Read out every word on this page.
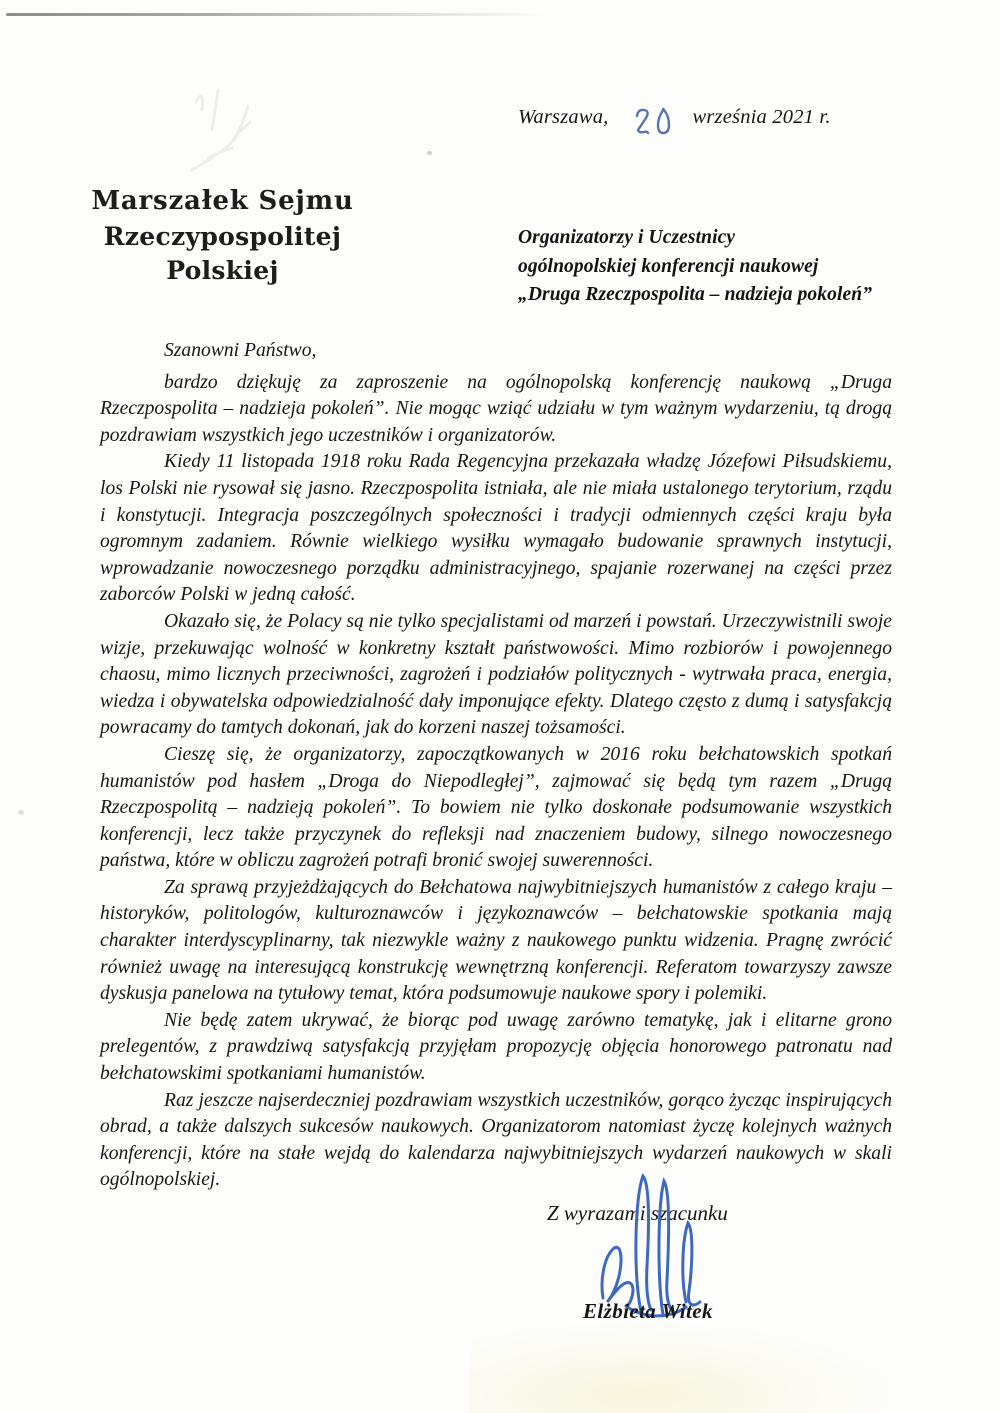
Warszawa,	września 2021 r.
Marszałek Sejmu
Rzeczypospolitej Polskiej
Organizatorzy i Uczestnicy
ogólnopolskiej konferencji naukowej
„Druga Rzeczpospolita – nadzieja pokoleń”

Szanowni Państwo,

bardzo dziękuję za zaproszenie na ogólnopolską konferencję naukową „Druga Rzeczpospolita – nadzieja pokoleń”. Nie mogąc wziąć udziału w tym ważnym wydarzeniu, tą drogą pozdrawiam wszystkich jego uczestników i organizatorów.

Kiedy 11 listopada 1918 roku Rada Regencyjna przekazała władzę Józefowi Piłsudskiemu, los Polski nie rysował się jasno. Rzeczpospolita istniała, ale nie miała ustalonego terytorium, rządu i konstytucji. Integracja poszczególnych społeczności i tradycji odmiennych części kraju była ogromnym zadaniem. Równie wielkiego wysiłku wymagało budowanie sprawnych instytucji, wprowadzanie nowoczesnego porządku administracyjnego, spajanie rozerwanej na części przez zaborców Polski w jedną całość.

Okazało się, że Polacy są nie tylko specjalistami od marzeń i powstań. Urzeczywistnili swoje wizje, przekuwając wolność w konkretny kształt państwowości. Mimo rozbiorów i powojennego chaosu, mimo licznych przeciwności, zagrożeń i podziałów politycznych - wytrwała praca, energia, wiedza i obywatelska odpowiedzialność dały imponujące efekty. Dlatego często z dumą i satysfakcją powracamy do tamtych dokonań, jak do korzeni naszej tożsamości.

Cieszę się, że organizatorzy, zapoczątkowanych w 2016 roku bełchatowskich spotkań humanistów pod hasłem „Droga do Niepodległej”, zajmować się będą tym razem „Drugą Rzeczpospolitą – nadzieją pokoleń”. To bowiem nie tylko doskonałe podsumowanie wszystkich konferencji, lecz także przyczynek do refleksji nad znaczeniem budowy, silnego nowoczesnego państwa, które w obliczu zagrożeń potrafi bronić swojej suwerenności.

Za sprawą przyjeżdżających do Bełchatowa najwybitniejszych humanistów z całego kraju – historyków, politologów, kulturoznawców i językoznawców – bełchatowskie spotkania mają charakter interdyscyplinarny, tak niezwykle ważny z naukowego punktu widzenia. Pragnę zwrócić również uwagę na interesującą konstrukcję wewnętrzną konferencji. Referatom towarzyszy zawsze dyskusja panelowa na tytułowy temat, która podsumowuje naukowe spory i polemiki.

Nie będę zatem ukrywać, że biorąc pod uwagę zarówno tematykę, jak i elitarne grono prelegentów, z prawdziwą satysfakcją przyjęłam propozycję objęcia honorowego patronatu nad bełchatowskimi spotkaniami humanistów.

Raz jeszcze najserdeczniej pozdrawiam wszystkich uczestników, gorąco życząc inspirujących obrad, a także dalszych sukcesów naukowych. Organizatorom natomiast życzę kolejnych ważnych konferencji, które na stałe wejdą do kalendarza najwybitniejszych wydarzeń naukowych w skali ogólnopolskiej.

Z wyrazami szacunku
Elżbieta Witek
